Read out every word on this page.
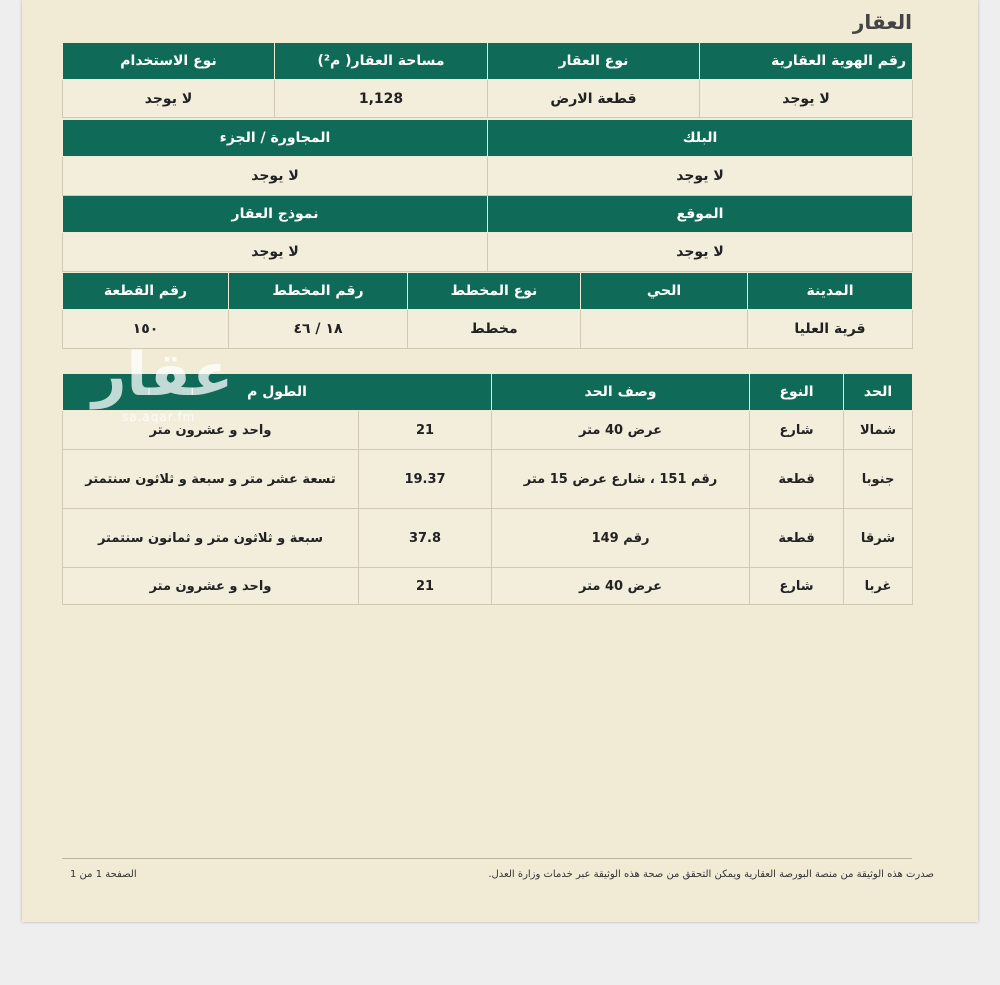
العقار
رقم الهوية العقارية	نوع العقار	مساحة العقار( م²)	نوع الاستخدام
لا يوجد	قطعة الارض	1,128	لا يوجد
البلك	المجاورة / الجزء
لا يوجد	لا يوجد
الموقع	نموذج العقار
لا يوجد	لا يوجد
المدينة	الحي	نوع المخطط	رقم المخطط	رقم القطعة
قرية العليا		مخطط	١٨ / ٤٦	١٥٠
الحد	النوع	وصف الحد	الطول م	
شمالا	شارع	عرض 40 متر	21	واحد و عشرون متر
جنوبا	قطعة	رقم 151 ، شارع عرض 15 متر	19.37	تسعة عشر متر و سبعة و ثلاثون سنتمتر
شرقا	قطعة	رقم 149	37.8	سبعة و ثلاثون متر و ثمانون سنتمتر
غربا	شارع	عرض 40 متر	21	واحد و عشرون متر
عقار
sa.aqar.fm
صدرت هذه الوثيقة من منصة البورصة العقارية ويمكن التحقق من صحة هذه الوثيقة عبر خدمات وزارة العدل.
الصفحة 1 من 1
